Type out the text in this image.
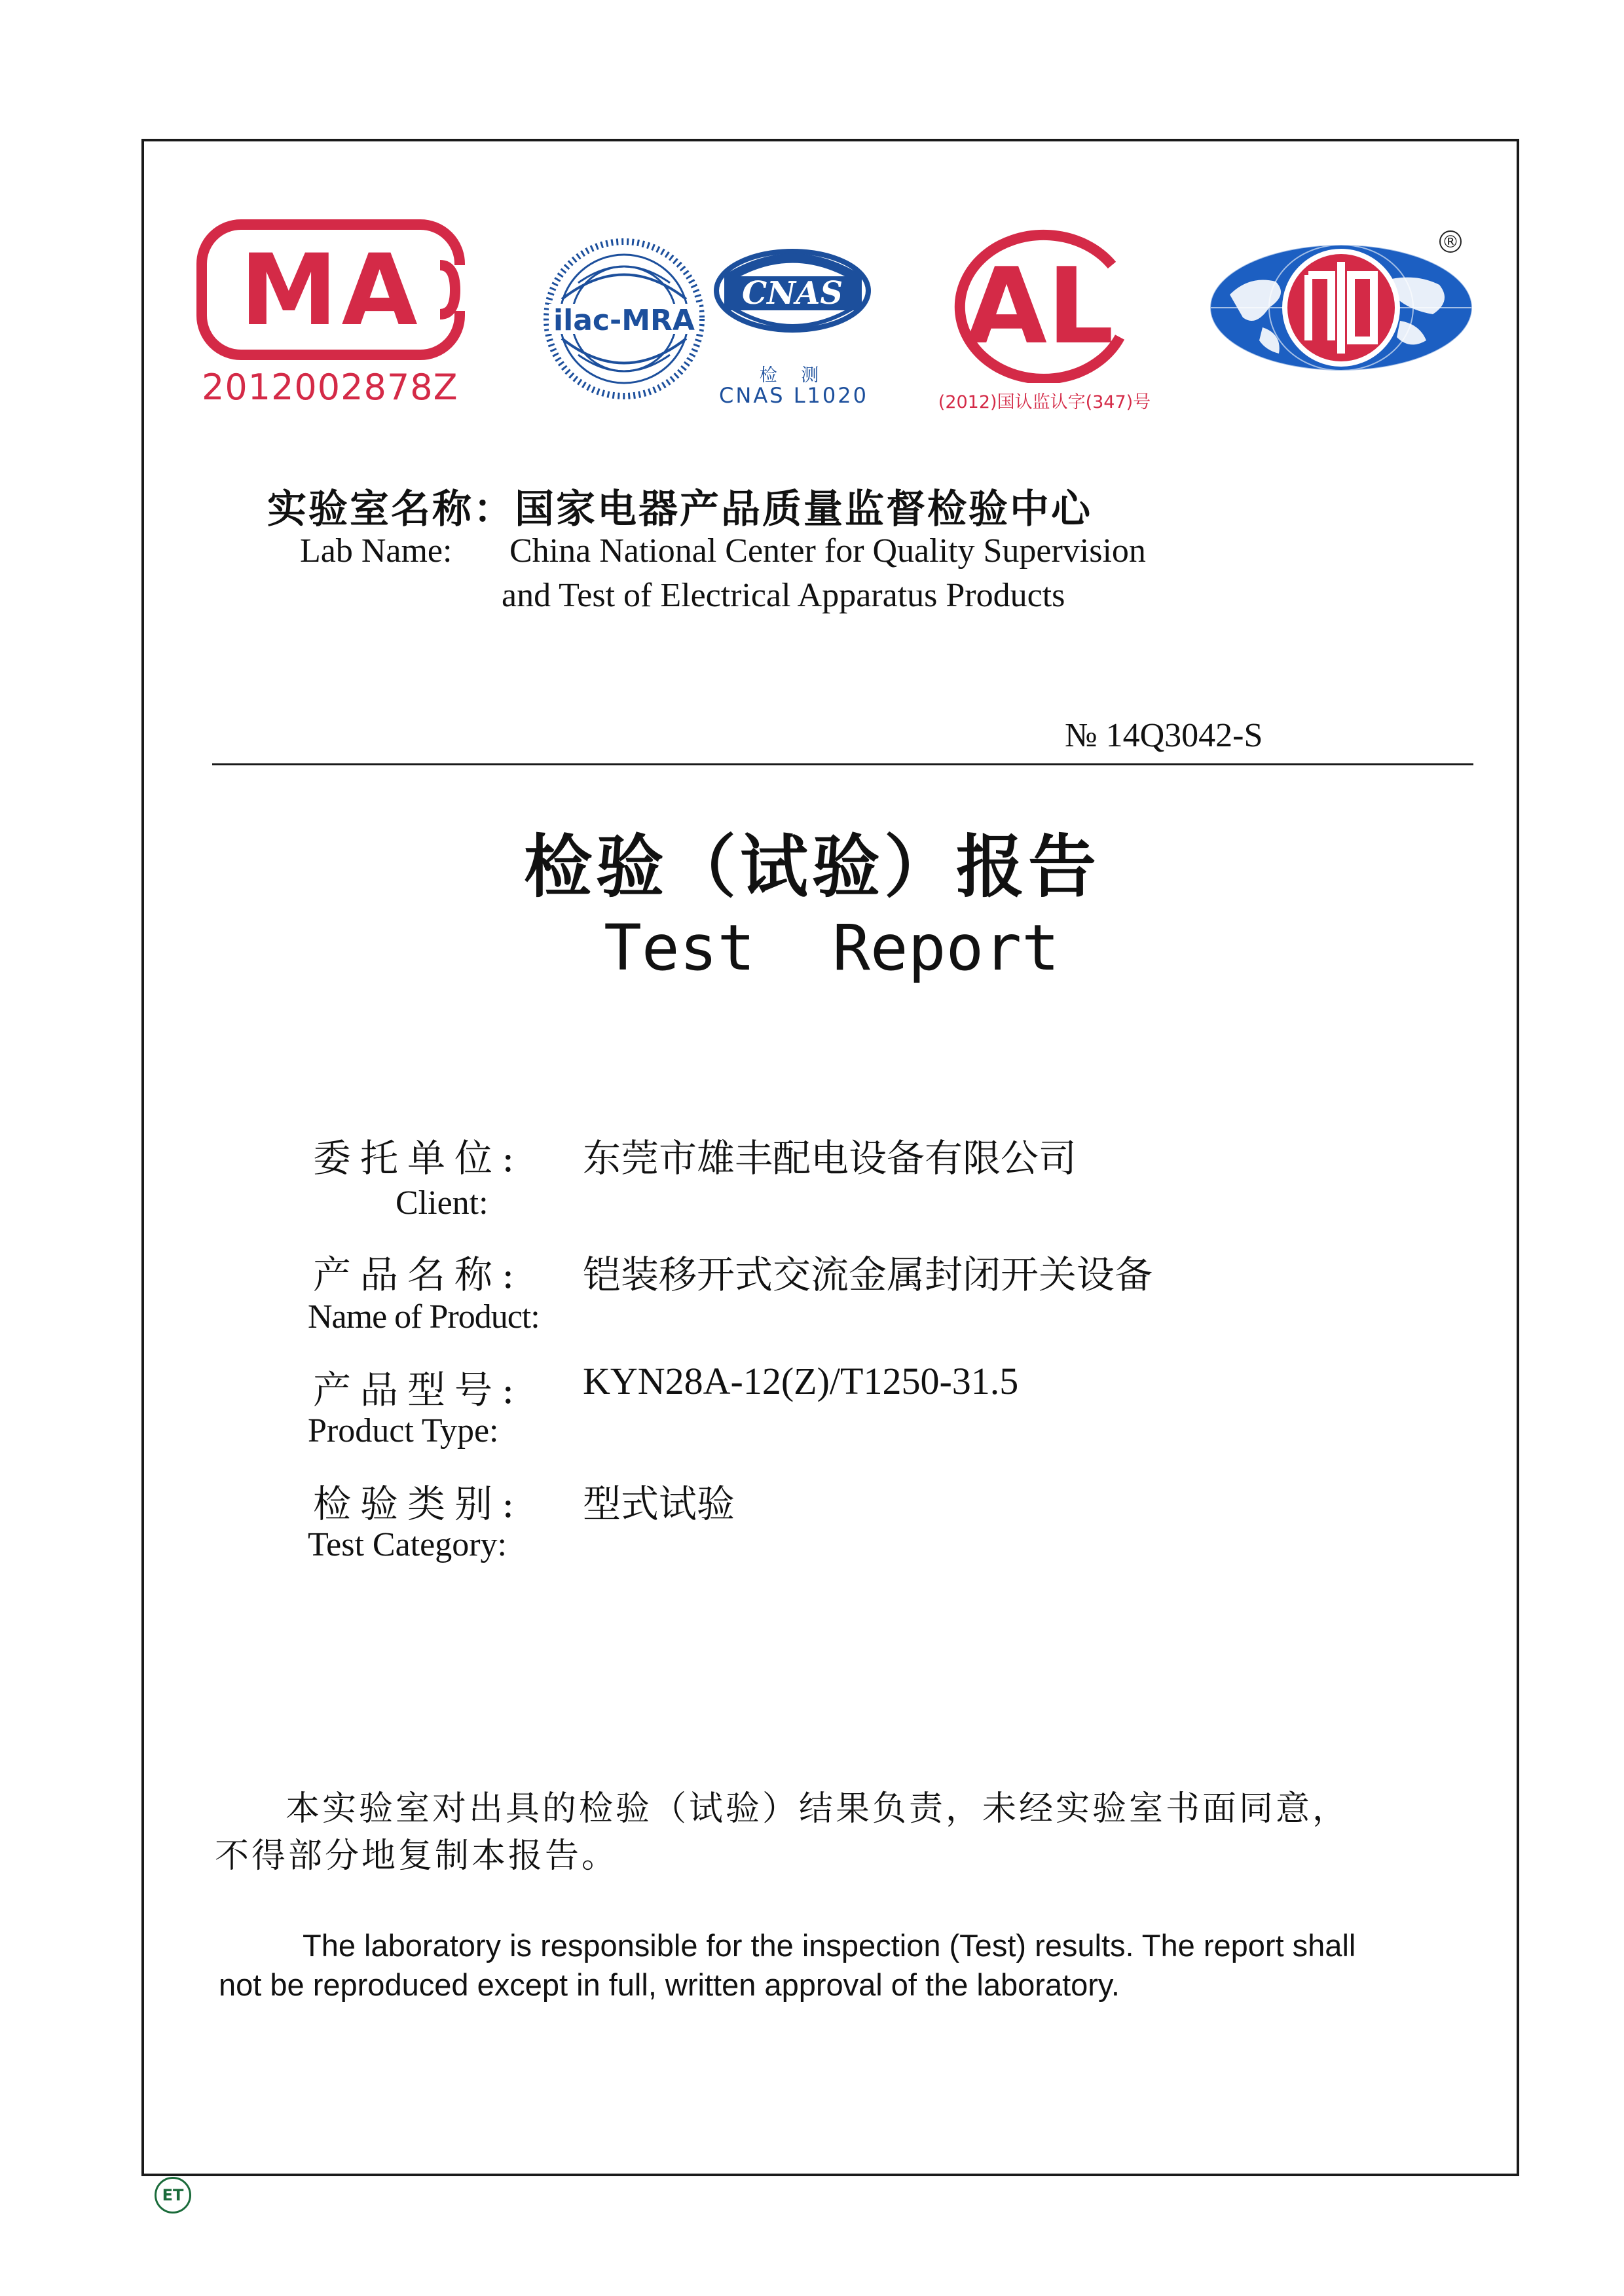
MA
2012002878Z
ilac-MRA
CNAS
检 测
CNAS L1020
AL
(2012)国认监认字(347)号
®
实验室名称：国家电器产品质量监督检验中心
Lab Name: China National Center for Quality Supervision
and Test of Electrical Apparatus Products
№ 14Q3042-S
检验（试验）报告
Test Report
委托单位: 东莞市雄丰配电设备有限公司
Client:
产品名称: 铠装移开式交流金属封闭开关设备
Name of Product:
产品型号: KYN28A-12(Z)/T1250-31.5
Product Type:
检验类别: 型式试验
Test Category:
本实验室对出具的检验（试验）结果负责，未经实验室书面同意，
不得部分地复制本报告。
The laboratory is responsible for the inspection (Test) results. The report shall
not be reproduced except in full, written approval of the laboratory.
ET
